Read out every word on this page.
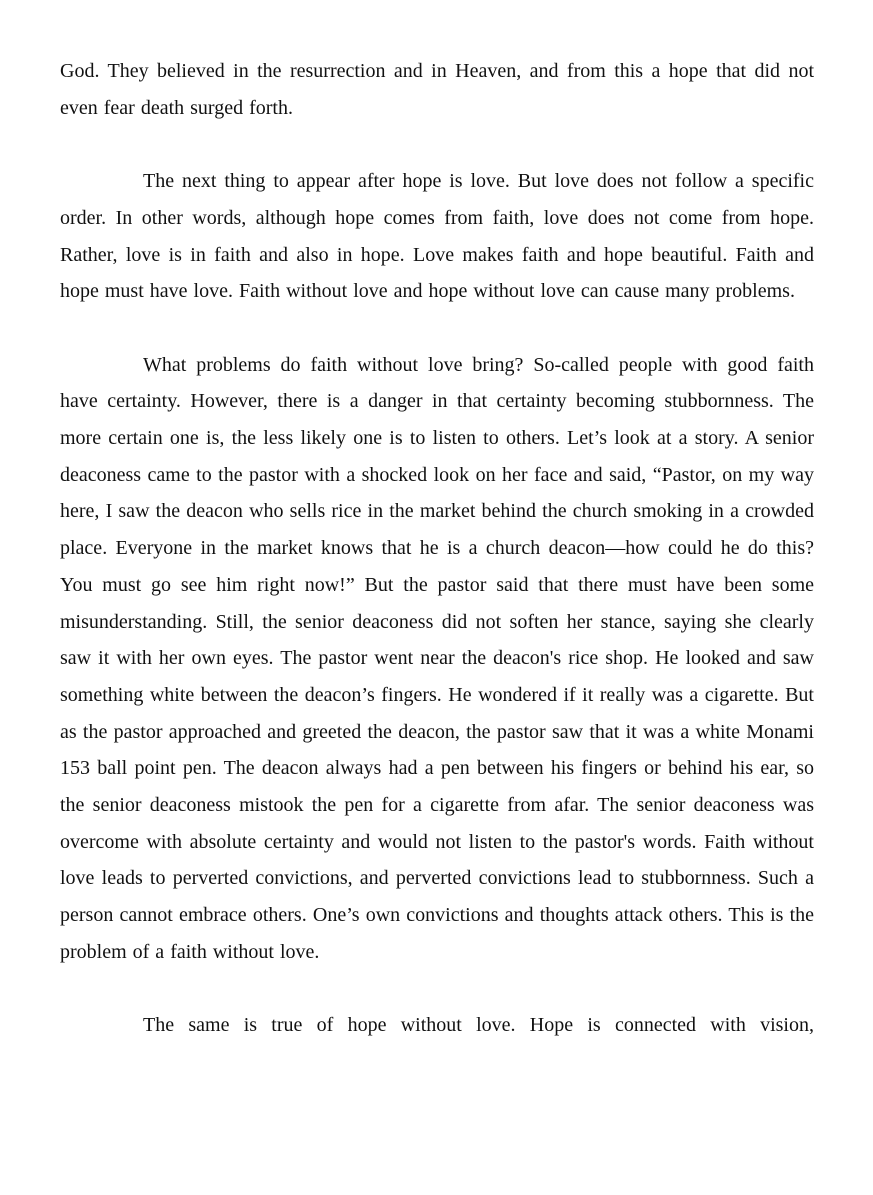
God. They believed in the resurrection and in Heaven, and from this a hope that did not even fear death surged forth.

The next thing to appear after hope is love. But love does not follow a specific order. In other words, although hope comes from faith, love does not come from hope. Rather, love is in faith and also in hope. Love makes faith and hope beautiful. Faith and hope must have love. Faith without love and hope without love can cause many problems.

What problems do faith without love bring? So-called people with good faith have certainty. However, there is a danger in that certainty becoming stubbornness. The more certain one is, the less likely one is to listen to others. Let’s look at a story. A senior deaconess came to the pastor with a shocked look on her face and said, “Pastor, on my way here, I saw the deacon who sells rice in the market behind the church smoking in a crowded place. Everyone in the market knows that he is a church deacon—how could he do this? You must go see him right now!” But the pastor said that there must have been some misunderstanding. Still, the senior deaconess did not soften her stance, saying she clearly saw it with her own eyes. The pastor went near the deacon's rice shop. He looked and saw something white between the deacon’s fingers. He wondered if it really was a cigarette. But as the pastor approached and greeted the deacon, the pastor saw that it was a white Monami 153 ball point pen. The deacon always had a pen between his fingers or behind his ear, so the senior deaconess mistook the pen for a cigarette from afar. The senior deaconess was overcome with absolute certainty and would not listen to the pastor's words. Faith without love leads to perverted convictions, and perverted convictions lead to stubbornness. Such a person cannot embrace others. One’s own convictions and thoughts attack others. This is the problem of a faith without love.

The same is true of hope without love. Hope is connected with vision,
